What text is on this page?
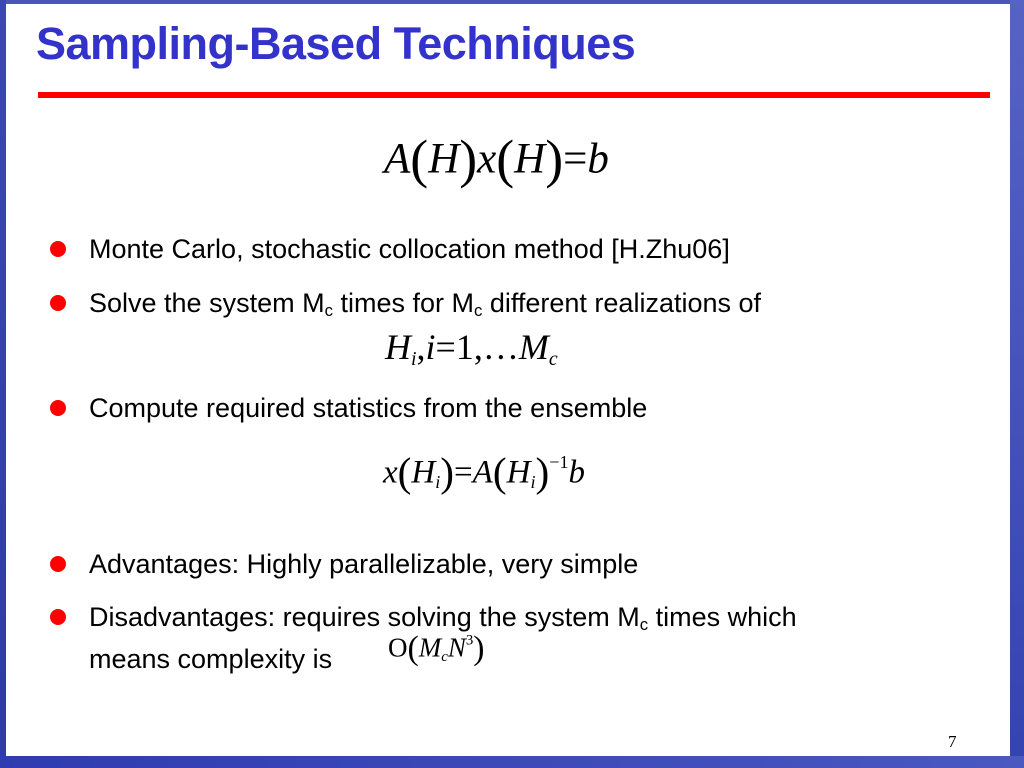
Sampling-Based Techniques
A(H)x(H)=b
Monte Carlo, stochastic collocation method [H.Zhu06]
Solve the system $M_c$ times for $M_c$ different realizations of
$H_i,i=1,\dots M_c$
Compute required statistics from the ensemble
$x(H_i)=A(H_i)^{-1}b$
Advantages: Highly parallelizable, very simple
Disadvantages: requires solving the system $M_c$ times which
means complexity is	$O(M_cN^3)$
7
